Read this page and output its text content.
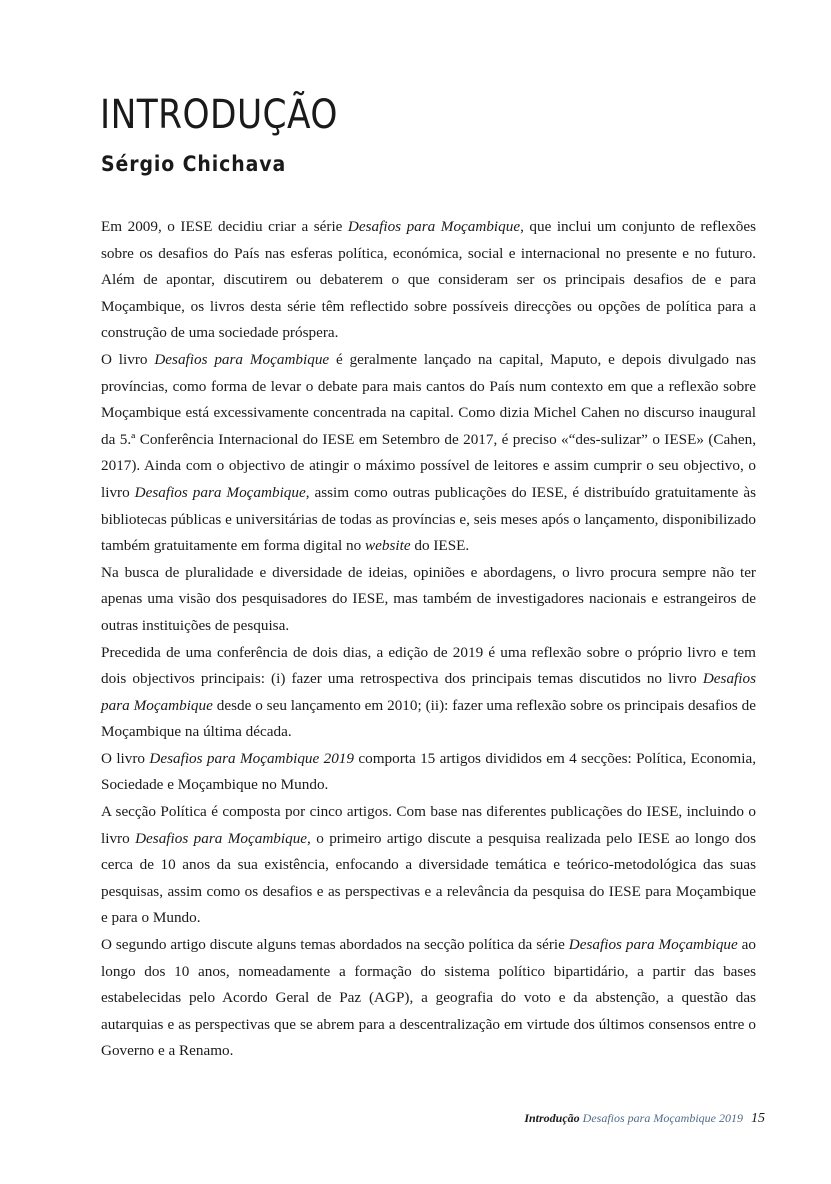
INTRODUÇÃO
Sérgio Chichava

Em 2009, o IESE decidiu criar a série Desafios para Moçambique, que inclui um conjunto de reflexões sobre os desafios do País nas esferas política, económica, social e internacional no presente e no futuro. Além de apontar, discutirem ou debaterem o que consideram ser os principais desafios de e para Moçambique, os livros desta série têm reflectido sobre possíveis direcções ou opções de política para a construção de uma sociedade próspera.

O livro Desafios para Moçambique é geralmente lançado na capital, Maputo, e depois divulgado nas províncias, como forma de levar o debate para mais cantos do País num contexto em que a reflexão sobre Moçambique está excessivamente concentrada na capital. Como dizia Michel Cahen no discurso inaugural da 5.ª Conferência Internacional do IESE em Setembro de 2017, é preciso «“des-sulizar” o IESE» (Cahen, 2017). Ainda com o objectivo de atingir o máximo possível de leitores e assim cumprir o seu objectivo, o livro Desafios para Moçambique, assim como outras publicações do IESE, é distribuído gratuitamente às bibliotecas públicas e universitárias de todas as províncias e, seis meses após o lançamento, disponibilizado também gratuitamente em forma digital no website do IESE.

Na busca de pluralidade e diversidade de ideias, opiniões e abordagens, o livro procura sempre não ter apenas uma visão dos pesquisadores do IESE, mas também de investigadores nacionais e estrangeiros de outras instituições de pesquisa.

Precedida de uma conferência de dois dias, a edição de 2019 é uma reflexão sobre o próprio livro e tem dois objectivos principais: (i) fazer uma retrospectiva dos principais temas discutidos no livro Desafios para Moçambique desde o seu lançamento em 2010; (ii): fazer uma reflexão sobre os principais desafios de Moçambique na última década.

O livro Desafios para Moçambique 2019 comporta 15 artigos divididos em 4 secções: Política, Economia, Sociedade e Moçambique no Mundo.

A secção Política é composta por cinco artigos. Com base nas diferentes publicações do IESE, incluindo o livro Desafios para Moçambique, o primeiro artigo discute a pesquisa realizada pelo IESE ao longo dos cerca de 10 anos da sua existência, enfocando a diversidade temática e teórico-metodológica das suas pesquisas, assim como os desafios e as perspectivas e a relevância da pesquisa do IESE para Moçambique e para o Mundo.

O segundo artigo discute alguns temas abordados na secção política da série Desafios para Moçambique ao longo dos 10 anos, nomeadamente a formação do sistema político bipartidário, a partir das bases estabelecidas pelo Acordo Geral de Paz (AGP), a geografia do voto e da abstenção, a questão das autarquias e as perspectivas que se abrem para a descentralização em virtude dos últimos consensos entre o Governo e a Renamo.

Introdução Desafios para Moçambique 2019 15
